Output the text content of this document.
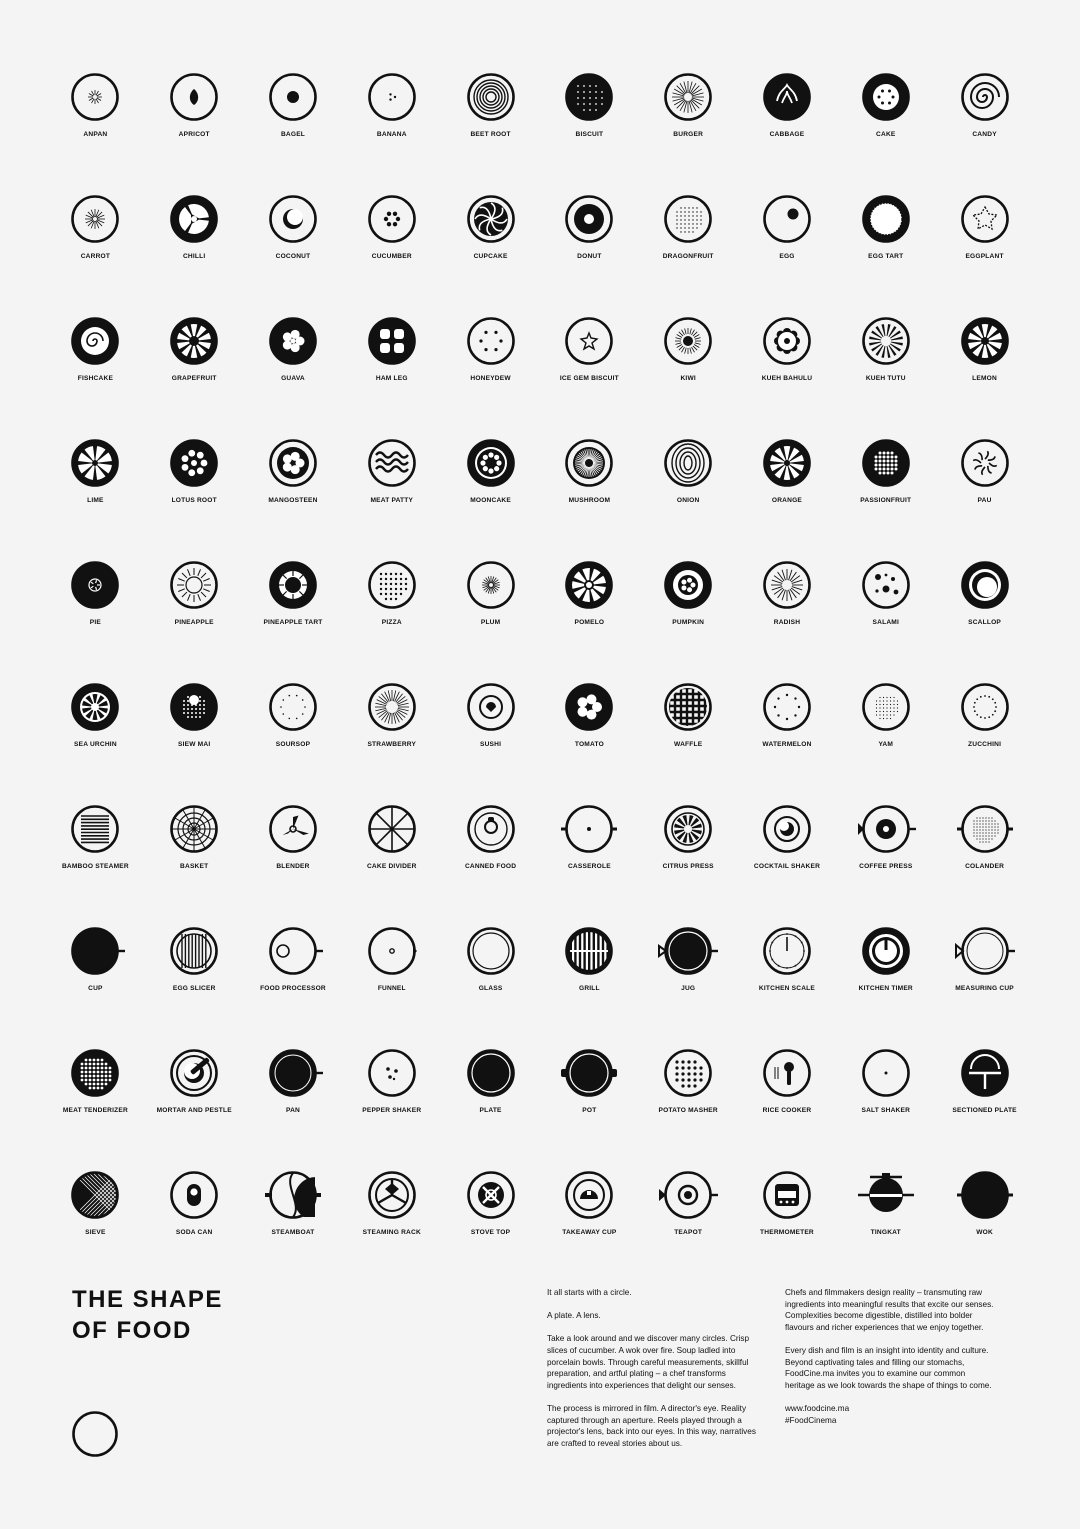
ANPAN	APRICOT	BAGEL	BANANA	BEET ROOT	BISCUIT	BURGER	CABBAGE	CAKE	CANDY
CARROT	CHILLI	COCONUT	CUCUMBER	CUPCAKE	DONUT	DRAGONFRUIT	EGG	EGG TART	EGGPLANT
FISHCAKE	GRAPEFRUIT	GUAVA	HAM LEG	HONEYDEW	ICE GEM BISCUIT	KIWI	KUEH BAHULU	KUEH TUTU	LEMON
LIME	LOTUS ROOT	MANGOSTEEN	MEAT PATTY	MOONCAKE	MUSHROOM	ONION	ORANGE	PASSIONFRUIT	PAU
PIE	PINEAPPLE	PINEAPPLE TART	PIZZA	PLUM	POMELO	PUMPKIN	RADISH	SALAMI	SCALLOP
SEA URCHIN	SIEW MAI	SOURSOP	STRAWBERRY	SUSHI	TOMATO	WAFFLE	WATERMELON	YAM	ZUCCHINI
BAMBOO STEAMER	BASKET	BLENDER	CAKE DIVIDER	CANNED FOOD	CASSEROLE	CITRUS PRESS	COCKTAIL SHAKER	COFFEE PRESS	COLANDER
CUP	EGG SLICER	FOOD PROCESSOR	FUNNEL	GLASS	GRILL	JUG	KITCHEN SCALE	KITCHEN TIMER	MEASURING CUP
MEAT TENDERIZER	MORTAR AND PESTLE	PAN	PEPPER SHAKER	PLATE	POT	POTATO MASHER	RICE COOKER	SALT SHAKER	SECTIONED PLATE
SIEVE	SODA CAN	STEAMBOAT	STEAMING RACK	STOVE TOP	TAKEAWAY CUP	TEAPOT	THERMOMETER	TINGKAT	WOK
THE SHAPE
OF FOOD

It all starts with a circle.

A plate. A lens.

Take a look around and we discover many circles. Crisp slices of cucumber. A wok over fire. Soup ladled into porcelain bowls. Through careful measurements, skillful preparation, and artful plating – a chef transforms ingredients into experiences that delight our senses.

The process is mirrored in film. A director's eye. Reality captured through an aperture. Reels played through a projector's lens, back into our eyes. In this way, narratives are crafted to reveal stories about us.

Chefs and filmmakers design reality – transmuting raw ingredients into meaningful results that excite our senses. Complexities become digestible, distilled into bolder flavours and richer experiences that we enjoy together.

Every dish and film is an insight into identity and culture. Beyond captivating tales and filling our stomachs, FoodCine.ma invites you to examine our common heritage as we look towards the shape of things to come.

www.foodcine.ma

#FoodCinema
